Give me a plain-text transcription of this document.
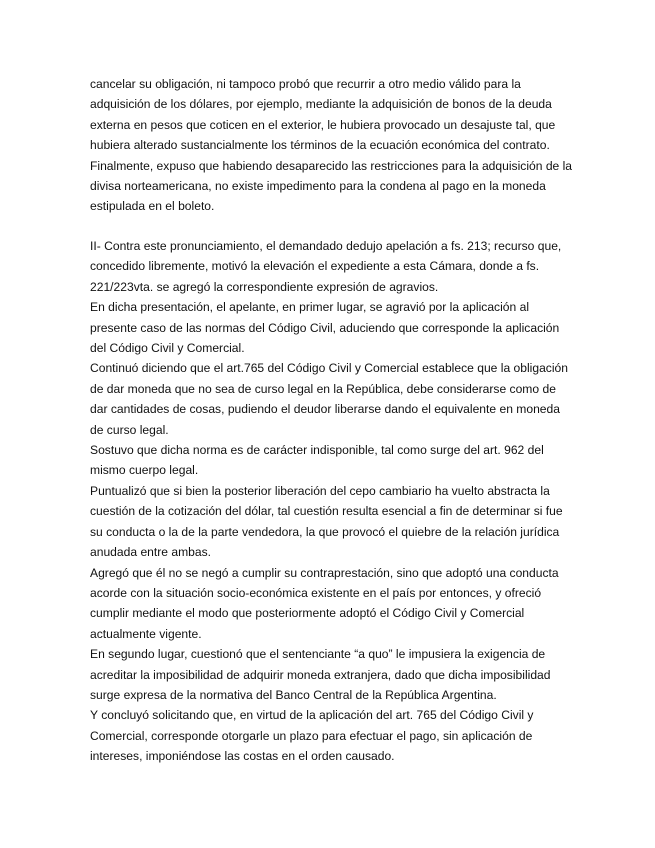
cancelar su obligación, ni tampoco probó que recurrir a otro medio válido para la
adquisición de los dólares, por ejemplo, mediante la adquisición de bonos de la deuda
externa en pesos que coticen en el exterior, le hubiera provocado un desajuste tal, que
hubiera alterado sustancialmente los términos de la ecuación económica del contrato.
Finalmente, expuso que habiendo desaparecido las restricciones para la adquisición de la
divisa norteamericana, no existe impedimento para la condena al pago en la moneda
estipulada en el boleto.
II- Contra este pronunciamiento, el demandado dedujo apelación a fs. 213; recurso que,
concedido libremente, motivó la elevación el expediente a esta Cámara, donde a fs.
221/223vta. se agregó la correspondiente expresión de agravios.
En dicha presentación, el apelante, en primer lugar, se agravió por la aplicación al
presente caso de las normas del Código Civil, aduciendo que corresponde la aplicación
del Código Civil y Comercial.
Continuó diciendo que el art.765 del Código Civil y Comercial establece que la obligación
de dar moneda que no sea de curso legal en la República, debe considerarse como de
dar cantidades de cosas, pudiendo el deudor liberarse dando el equivalente en moneda
de curso legal.
Sostuvo que dicha norma es de carácter indisponible, tal como surge del art. 962 del
mismo cuerpo legal.
Puntualizó que si bien la posterior liberación del cepo cambiario ha vuelto abstracta la
cuestión de la cotización del dólar, tal cuestión resulta esencial a fin de determinar si fue
su conducta o la de la parte vendedora, la que provocó el quiebre de la relación jurídica
anudada entre ambas.
Agregó que él no se negó a cumplir su contraprestación, sino que adoptó una conducta
acorde con la situación socio-económica existente en el país por entonces, y ofreció
cumplir mediante el modo que posteriormente adoptó el Código Civil y Comercial
actualmente vigente.
En segundo lugar, cuestionó que el sentenciante “a quo” le impusiera la exigencia de
acreditar la imposibilidad de adquirir moneda extranjera, dado que dicha imposibilidad
surge expresa de la normativa del Banco Central de la República Argentina.
Y concluyó solicitando que, en virtud de la aplicación del art. 765 del Código Civil y
Comercial, corresponde otorgarle un plazo para efectuar el pago, sin aplicación de
intereses, imponiéndose las costas en el orden causado.
